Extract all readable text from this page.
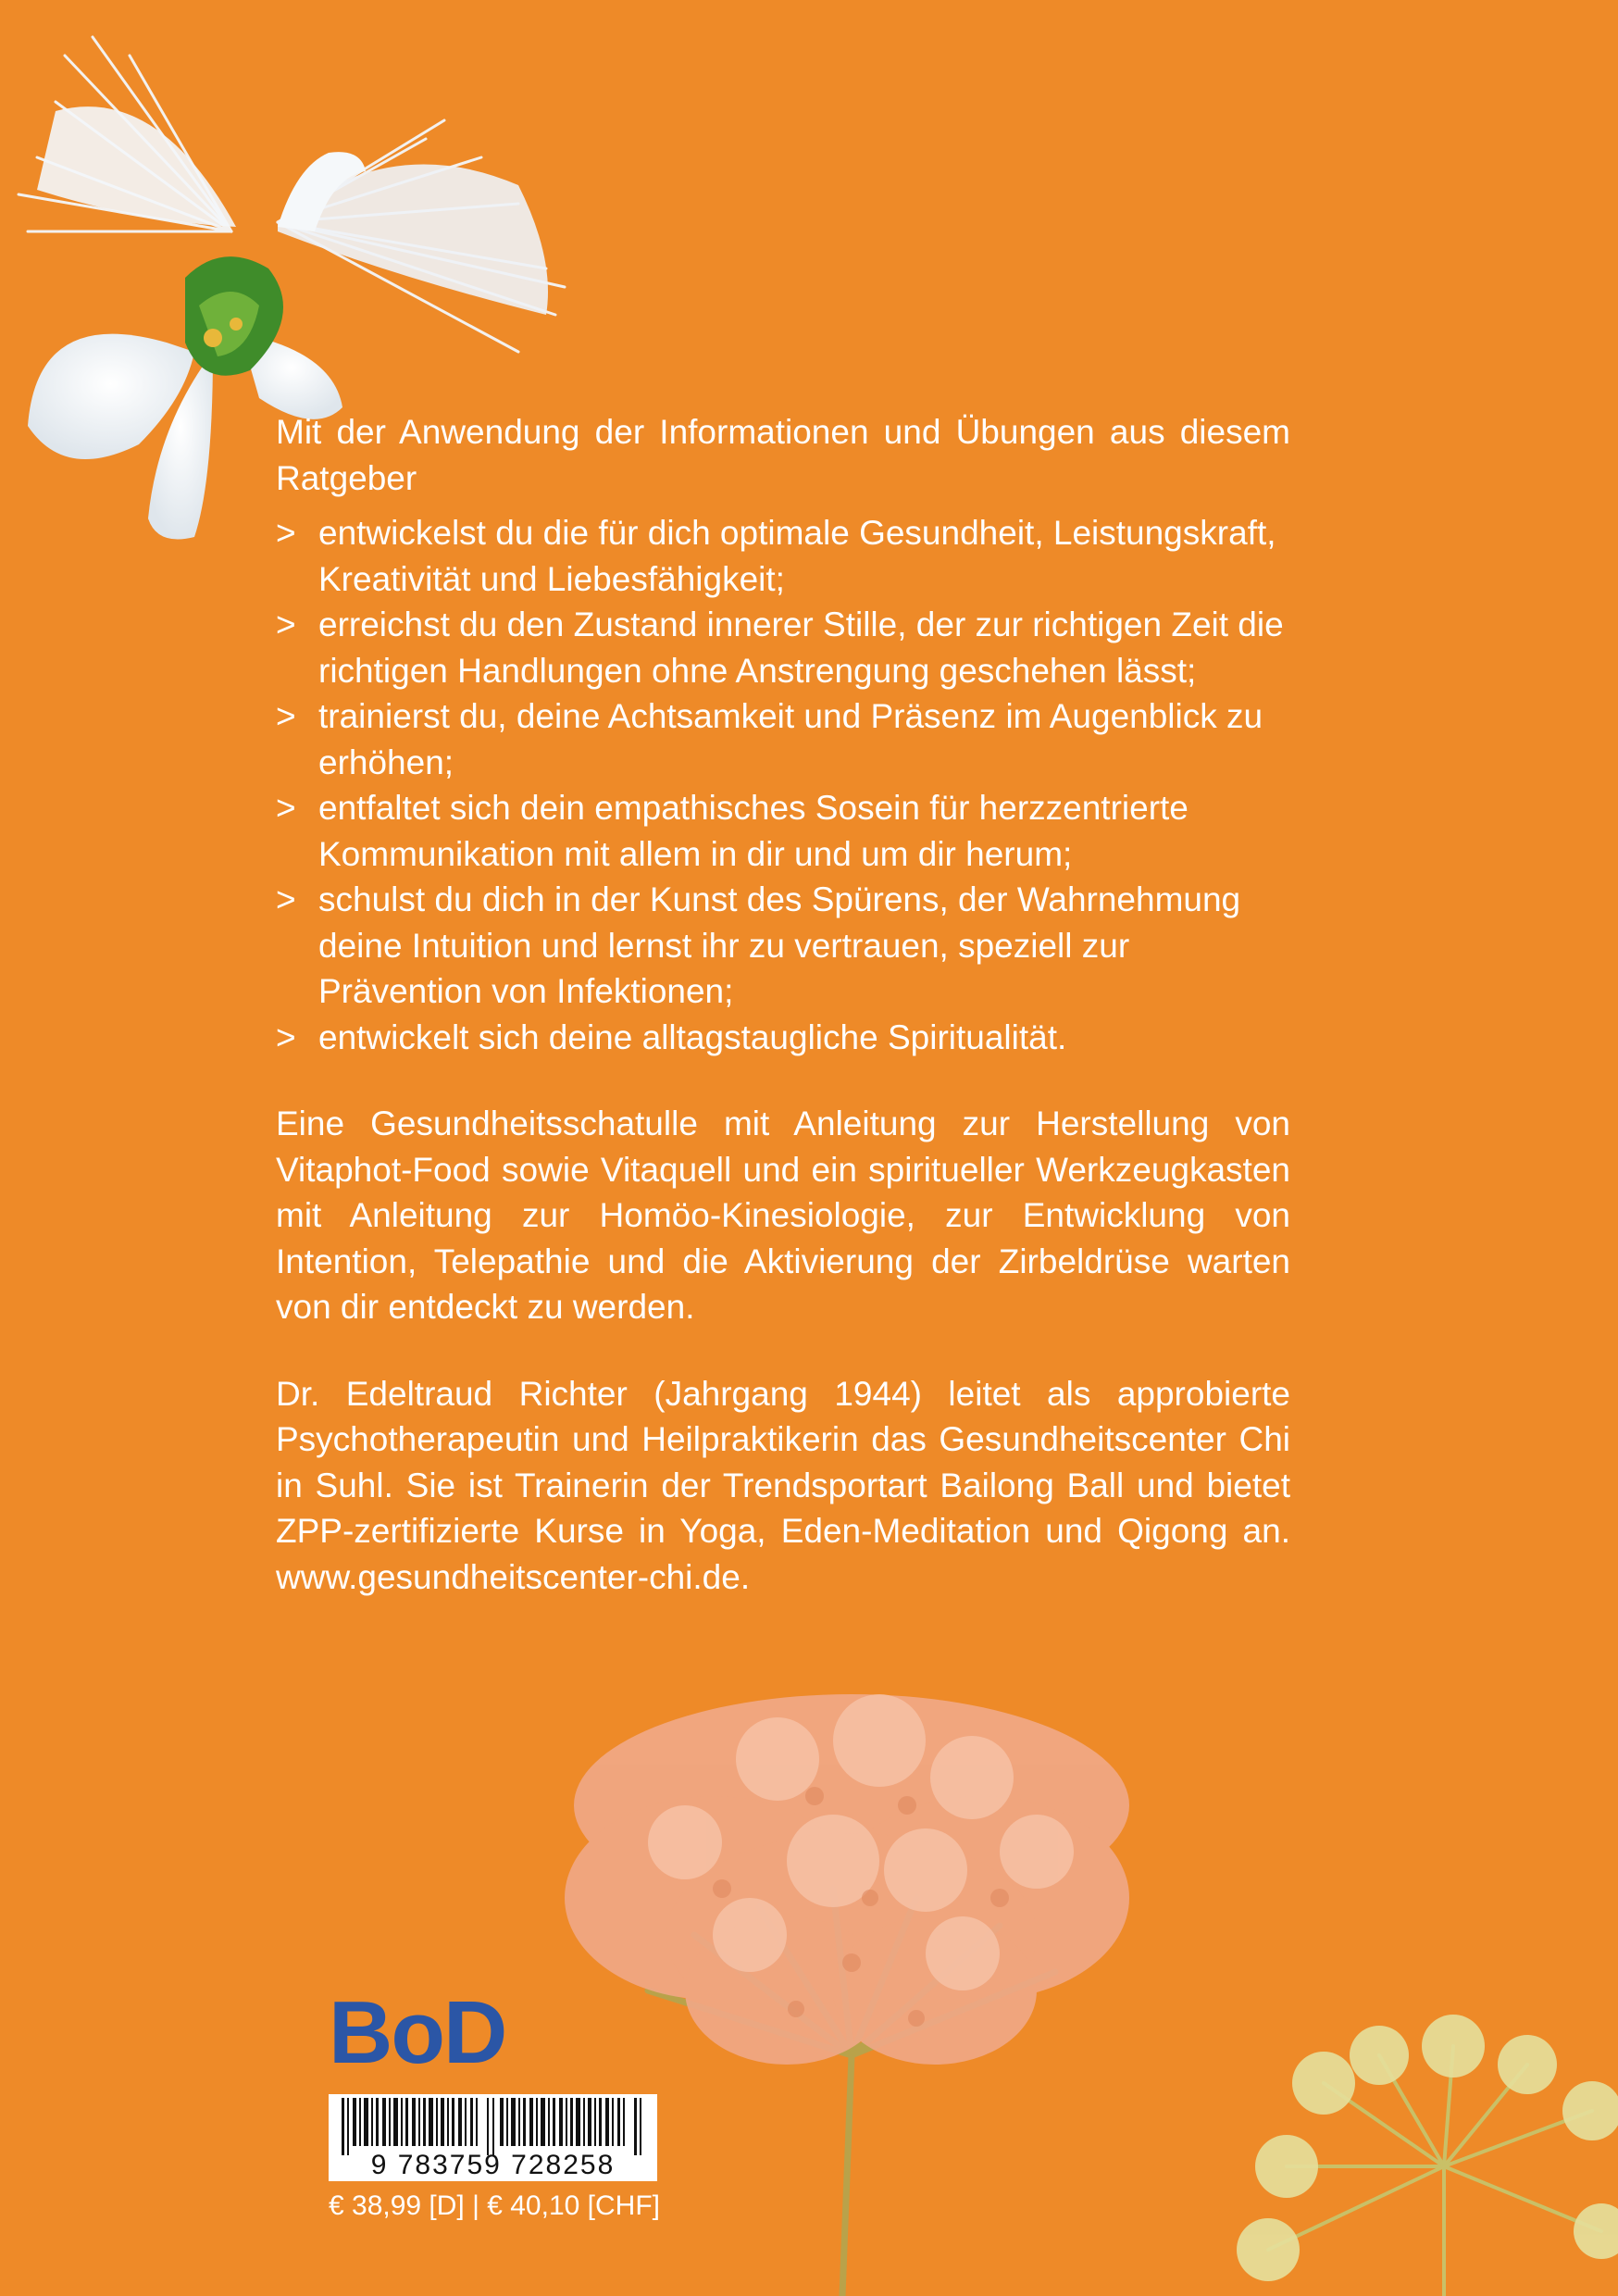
Mit der Anwendung der Informationen und Übungen aus diesem Ratgeber

> entwickelst du die für dich optimale Gesundheit, Leistungskraft, Kreativität und Liebesfähigkeit;
> erreichst du den Zustand innerer Stille, der zur richtigen Zeit die richtigen Handlungen ohne Anstrengung geschehen lässt;
> trainierst du, deine Achtsamkeit und Präsenz im Augenblick zu erhöhen;
> entfaltet sich dein empathisches Sosein für herzzentrierte Kommunikation mit allem in dir und um dir herum;
> schulst du dich in der Kunst des Spürens, der Wahrnehmung deine Intuition und lernst ihr zu vertrauen, speziell zur Prävention von Infektionen;
> entwickelt sich deine alltagstaugliche Spiritualität.

Eine Gesundheitsschatulle mit Anleitung zur Herstellung von Vitaphot-Food sowie Vitaquell und ein spiritueller Werkzeugkasten mit Anleitung zur Homöo-Kinesiologie, zur Entwicklung von Intention, Telepathie und die Aktivierung der Zirbeldrüse warten von dir entdeckt zu werden.

Dr. Edeltraud Richter (Jahrgang 1944) leitet als approbierte Psychotherapeutin und Heilpraktikerin das Gesundheitscenter Chi in Suhl. Sie ist Trainerin der Trendsportart Bailong Ball und bietet ZPP-zertifizierte Kurse in Yoga, Eden-Meditation und Qigong an. www.gesundheitscenter-chi.de.

BoD
9 783759 728258
€ 38,99 [D] | € 40,10 [CHF]
